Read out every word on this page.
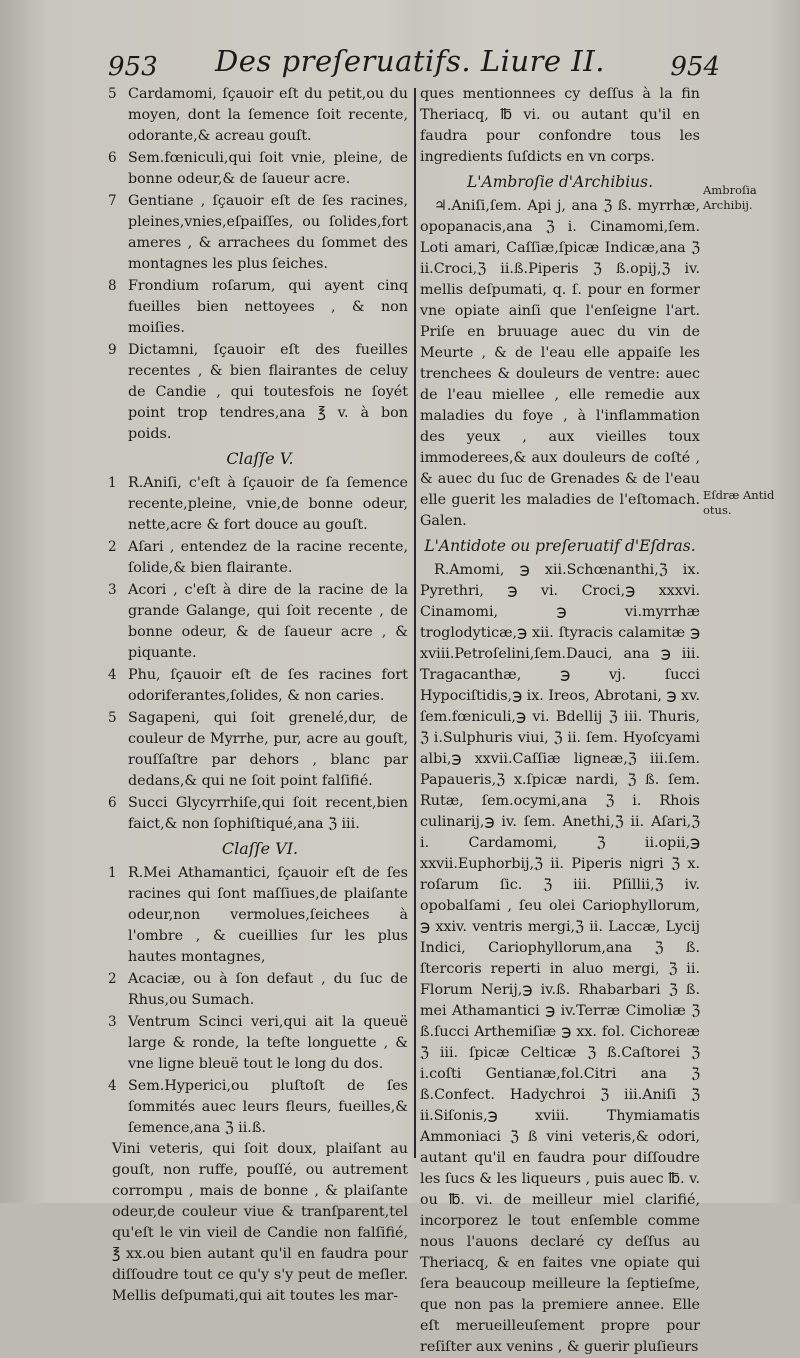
953	Des preſeruatifs. Liure II.	954
5 Cardamomi, ſçauoir eſt du petit,ou du moyen, dont la ſemence ſoit recente, odorante,& acreau gouſt.
6 Sem.fœniculi,qui ſoit vnie, pleine, de bonne odeur,& de ſaueur acre.
7 Gentiane , ſçauoir eſt de ſes racines, pleines,vnies,eſpaiſſes, ou ſolides,fort ameres , & arrachees du ſommet des montagnes les plus ſeiches.
8 Frondium roſarum, qui ayent cinq fueilles bien nettoyees , & non moiſies.
9 Dictamni, ſçauoir eſt des fueilles recentes , & bien flairantes de celuy de Candie , qui toutesfois ne ſoyét point trop tendres,ana ℥ v. à bon poids.
Claſſe V.
1 R.Aniſi, c'eſt à ſçauoir de ſa ſemence recente,pleine, vnie,de bonne odeur, nette,acre & fort douce au gouſt.
2 Aſari , entendez de la racine recente, ſolide,& bien flairante.
3 Acori , c'eſt à dire de la racine de la grande Galange, qui ſoit recente , de bonne odeur, & de ſaueur acre , & piquante.
4 Phu, ſçauoir eſt de ſes racines fort odoriferantes,ſolides, & non caries.
5 Sagapeni, qui ſoit grenelé,dur, de couleur de Myrrhe, pur, acre au gouſt, rouſſaſtre par dehors , blanc par dedans,& qui ne ſoit point falſifié.
6 Succi Glycyrrhiſe,qui ſoit recent,bien faict,& non ſophiſtiqué,ana ℨ iii.
Claſſe VI.
1 R.Mei Athamantici, ſçauoir eſt de ſes racines qui ſont maſſiues,de plaiſante odeur,non vermolues,ſeichees à l'ombre , & cueillies ſur les plus hautes montagnes,
2 Acaciæ, ou à ſon defaut , du ſuc de Rhus,ou Sumach.
3 Ventrum Scinci veri,qui ait la queuë large & ronde, la teſte longuette , & vne ligne bleuë tout le long du dos.
4 Sem.Hyperici,ou pluſtoſt de ſes ſommités auec leurs fleurs, fueilles,& ſemence,ana ℨ ii.ß.
Vini veteris, qui ſoit doux, plaiſant au gouſt, non ruffe, pouſſé, ou autrement corrompu , mais de bonne , & plaiſante odeur,de couleur viue & tranſparent,tel qu'eſt le vin vieil de Candie non falſifié, ℥ xx.ou bien autant qu'il en faudra pour diſſoudre tout ce qu'y s'y peut de meſler. Mellis deſpumati,qui ait toutes les mar-
ques mentionnees cy deſſus à la fin Theriacq, ℔ vi. ou autant qu'il en faudra pour confondre tous les ingredients ſuſdicts en vn corps.
L'Ambroſie d'Archibius.
♃.Aniſi,ſem. Api j, ana ℨ ß. myrrhæ, opopanacis,ana ℨ i. Cinamomi,ſem. Loti amari, Caſſiæ,ſpicæ Indicæ,ana ℨ ii.Croci,ℨ ii.ß.Piperis ℨ ß.opij,ℨ iv. mellis deſpumati, q. ſ. pour en former vne opiate ainſi que l'enſeigne l'art. Priſe en bruuage auec du vin de Meurte , & de l'eau elle appaiſe les trenchees & douleurs de ventre: auec de l'eau miellee , elle remedie aux maladies du foye , à l'inflammation des yeux , aux vieilles toux immoderees,& aux douleurs de coſté , & auec du ſuc de Grenades & de l'eau elle guerit les maladies de l'eſtomach. Galen.
L'Antidote ou preſeruatif d'Eſdras.
R.Amomi, ℈ xii.Schœnanthi,ℨ ix. Pyrethri, ℈ vi. Croci,℈ xxxvi. Cinamomi, ℈ vi.myrrhæ troglodyticæ,℈ xii. ſtyracis calamitæ ℈ xviii.Petroſelini,ſem.Dauci, ana ℈ iii. Tragacanthæ, ℈ vj. ſucci Hypociſtidis,℈ ix. Ireos, Abrotani, ℈ xv. ſem.fœniculi,℈ vi. Bdellij ℨ iii. Thuris, ℨ i.Sulphuris viui, ℨ ii. ſem. Hyoſcyami albi,℈ xxvii.Caſſiæ ligneæ,ℨ iii.ſem. Papaueris,ℨ x.ſpicæ nardi, ℨ ß. ſem. Rutæ, ſem.ocymi,ana ℨ i. Rhois culinarij,℈ iv. ſem. Anethi,ℨ ii. Aſari,ℨ i. Cardamomi, ℨ ii.opii,℈ xxvii.Euphorbij,ℨ ii. Piperis nigri ℨ x. roſarum ſic. ℨ iii. Pſillii,ℨ iv. opobalſami , ſeu olei Cariophyllorum, ℈ xxiv. ventris mergi,ℨ ii. Laccæ, Lycij Indici, Cariophyllorum,ana ℨ ß. ſtercoris reperti in aluo mergi, ℨ ii. Florum Nerij,℈ iv.ß. Rhabarbari ℨ ß. mei Athamantici ℈ iv.Terræ Cimoliæ ℨ ß.ſucci Arthemiſiæ ℈ xx. fol. Cichoreæ ℨ iii. ſpicæ Celticæ ℨ ß.Caſtorei ℨ i.coſti Gentianæ,fol.Citri ana ℨ ß.Confect. Hadychroi ℨ iii.Aniſi ℨ ii.Siſonis,℈ xviii. Thymiamatis Ammoniaci ℨ ß vini veteris,& odori, autant qu'il en faudra pour diſſoudre les ſucs & les liqueurs , puis auec ℔. v. ou ℔. vi. de meilleur miel clarifié, incorporez le tout enſemble comme nous l'auons declaré cy deſſus au Theriacq, & en faites vne opiate qui ſera beaucoup meilleure la ſeptieſme, que non pas la premiere annee. Elle eſt merueilleuſement propre pour reſiſter aux venins , & guerir pluſieurs
Ambroſia Archibij.
Eſdræ Antid otus.
